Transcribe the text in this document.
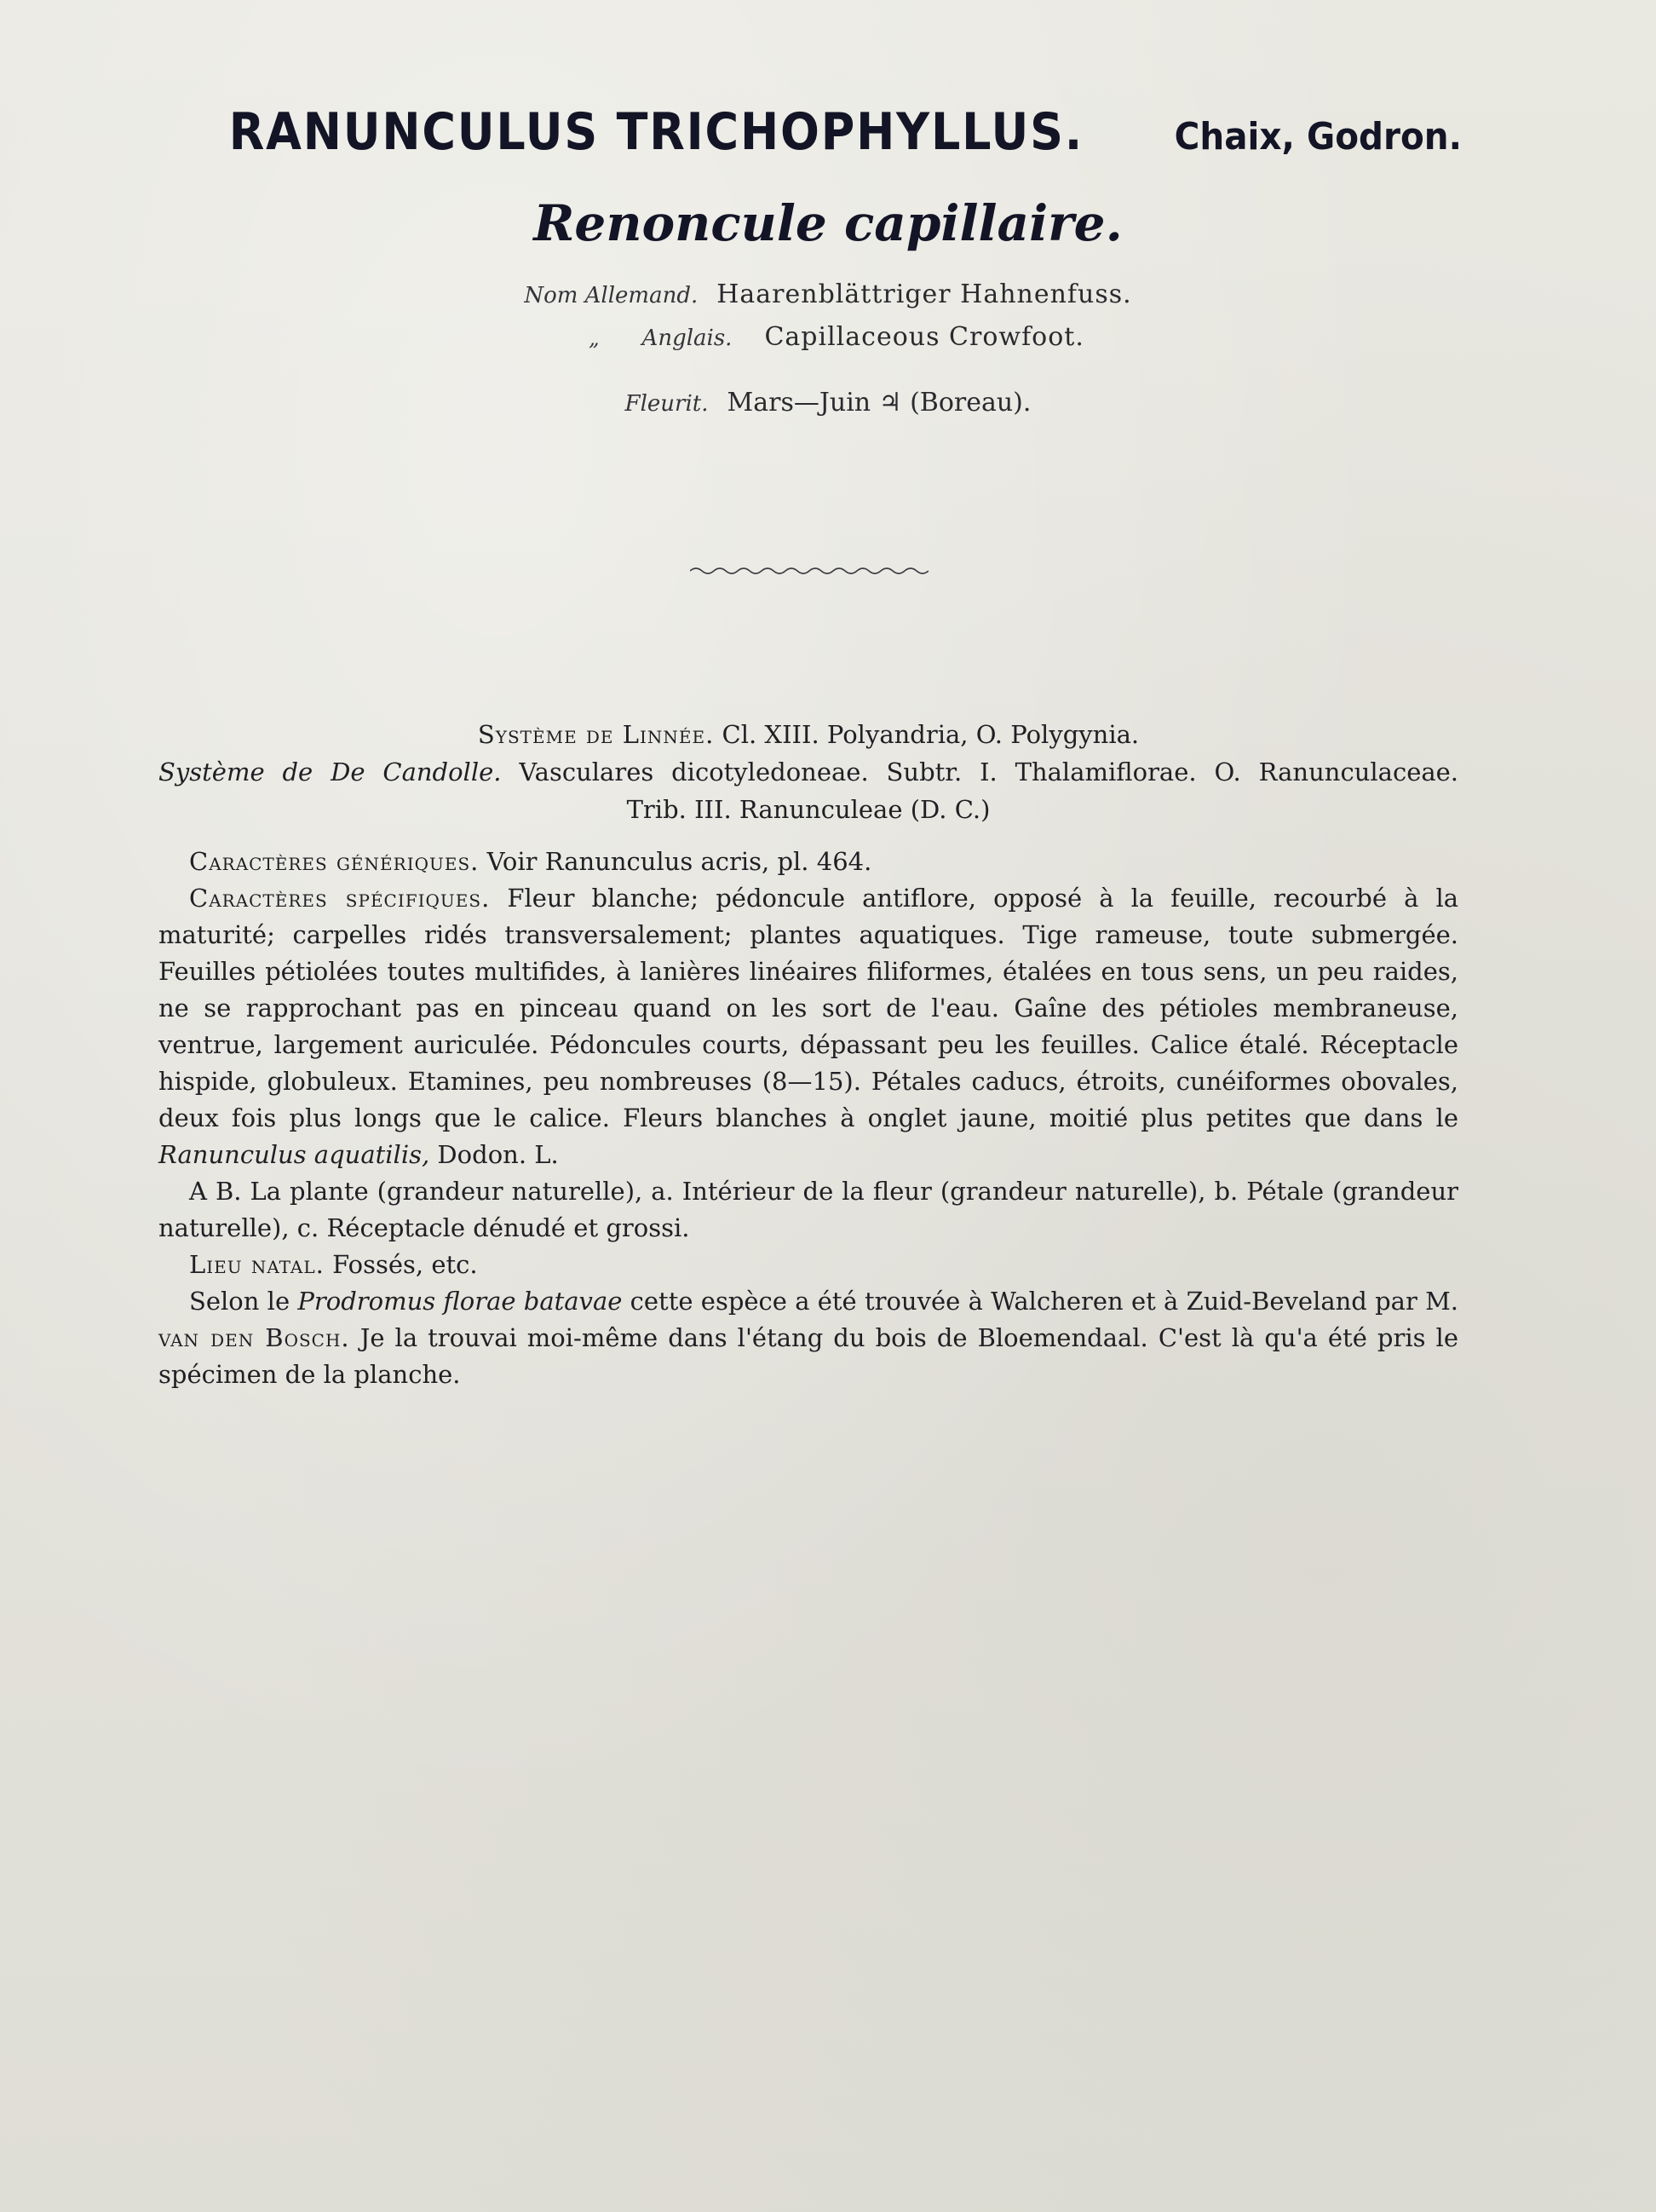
RANUNCULUS TRICHOPHYLLUS. Chaix, Godron.
Renoncule capillaire.
Nom Allemand. Haarenblättriger Hahnenfuss.
„ Anglais. Capillaceous Crowfoot.
Fleurit. Mars—Juin ♃ (Boreau).
Système de Linnée. Cl. XIII. Polyandria, O. Polygynia.
Système de De Candolle. Vasculares dicotyledoneae. Subtr. I. Thalamiflorae. O. Ranunculaceae.
Trib. III. Ranunculeae (D. C.)

Caractères génériques. Voir Ranunculus acris, pl. 464.

Caractères spécifiques. Fleur blanche; pédoncule antiflore, opposé à la feuille, recourbé à la maturité; carpelles ridés transversalement; plantes aquatiques. Tige rameuse, toute submergée. Feuilles pétiolées toutes multifides, à lanières linéaires filiformes, étalées en tous sens, un peu raides, ne se rapprochant pas en pinceau quand on les sort de l'eau. Gaîne des pétioles membraneuse, ventrue, largement auriculée. Pédoncules courts, dépassant peu les feuilles. Calice étalé. Réceptacle hispide, globuleux. Etamines, peu nombreuses (8—15). Pétales caducs, étroits, cunéiformes obovales, deux fois plus longs que le calice. Fleurs blanches à onglet jaune, moitié plus petites que dans le Ranunculus aquatilis, Dodon. L.

A B. La plante (grandeur naturelle), a. Intérieur de la fleur (grandeur naturelle), b. Pétale (grandeur naturelle), c. Réceptacle dénudé et grossi.

Lieu natal. Fossés, etc.

Selon le Prodromus florae batavae cette espèce a été trouvée à Walcheren et à Zuid-Beveland par M. van den Bosch. Je la trouvai moi-même dans l'étang du bois de Bloemendaal. C'est là qu'a été pris le spécimen de la planche.
